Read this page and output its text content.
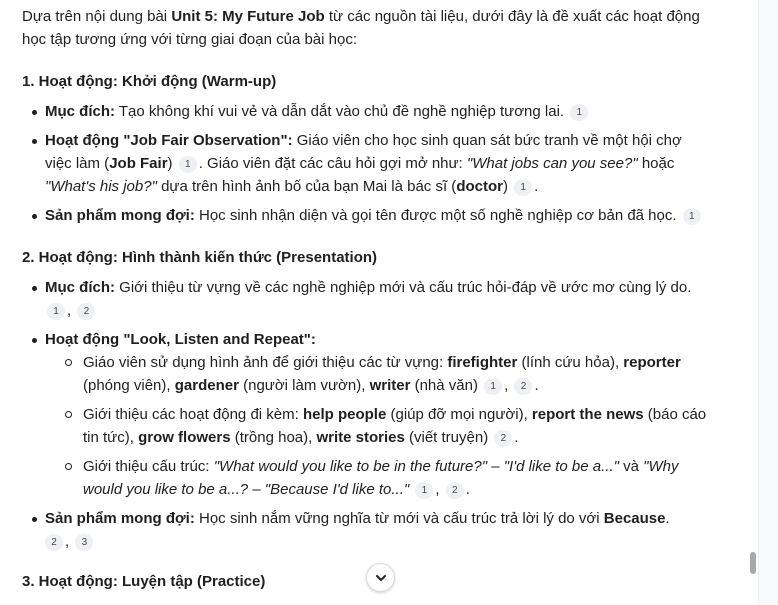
Dựa trên nội dung bài Unit 5: My Future Job từ các nguồn tài liệu, dưới đây là đề xuất các hoạt động học tập tương ứng với từng giai đoạn của bài học:

1. Hoạt động: Khởi động (Warm-up)
Mục đích: Tạo không khí vui vẻ và dẫn dắt vào chủ đề nghề nghiệp tương lai. 1
Hoạt động "Job Fair Observation": Giáo viên cho học sinh quan sát bức tranh về một hội chợ việc làm (Job Fair) 1 . Giáo viên đặt các câu hỏi gợi mở như: "What jobs can you see?" hoặc "What's his job?" dựa trên hình ảnh bố của bạn Mai là bác sĩ (doctor) 1 .
Sản phẩm mong đợi: Học sinh nhận diện và gọi tên được một số nghề nghiệp cơ bản đã học. 1
2. Hoạt động: Hình thành kiến thức (Presentation)
Mục đích: Giới thiệu từ vựng về các nghề nghiệp mới và cấu trúc hỏi-đáp về ước mơ cùng lý do. 1 , 2
Hoạt động "Look, Listen and Repeat":
Giáo viên sử dụng hình ảnh để giới thiệu các từ vựng: firefighter (lính cứu hỏa), reporter (phóng viên), gardener (người làm vườn), writer (nhà văn) 1 , 2 .
Giới thiệu các hoạt động đi kèm: help people (giúp đỡ mọi người), report the news (báo cáo tin tức), grow flowers (trồng hoa), write stories (viết truyện) 2 .
Giới thiệu cấu trúc: "What would you like to be in the future?" – "I'd like to be a..." và "Why would you like to be a...? – "Because I'd like to..." 1 , 2 .
Sản phẩm mong đợi: Học sinh nắm vững nghĩa từ mới và cấu trúc trả lời lý do với Because.
2 , 3
3. Hoạt động: Luyện tập (Practice)
